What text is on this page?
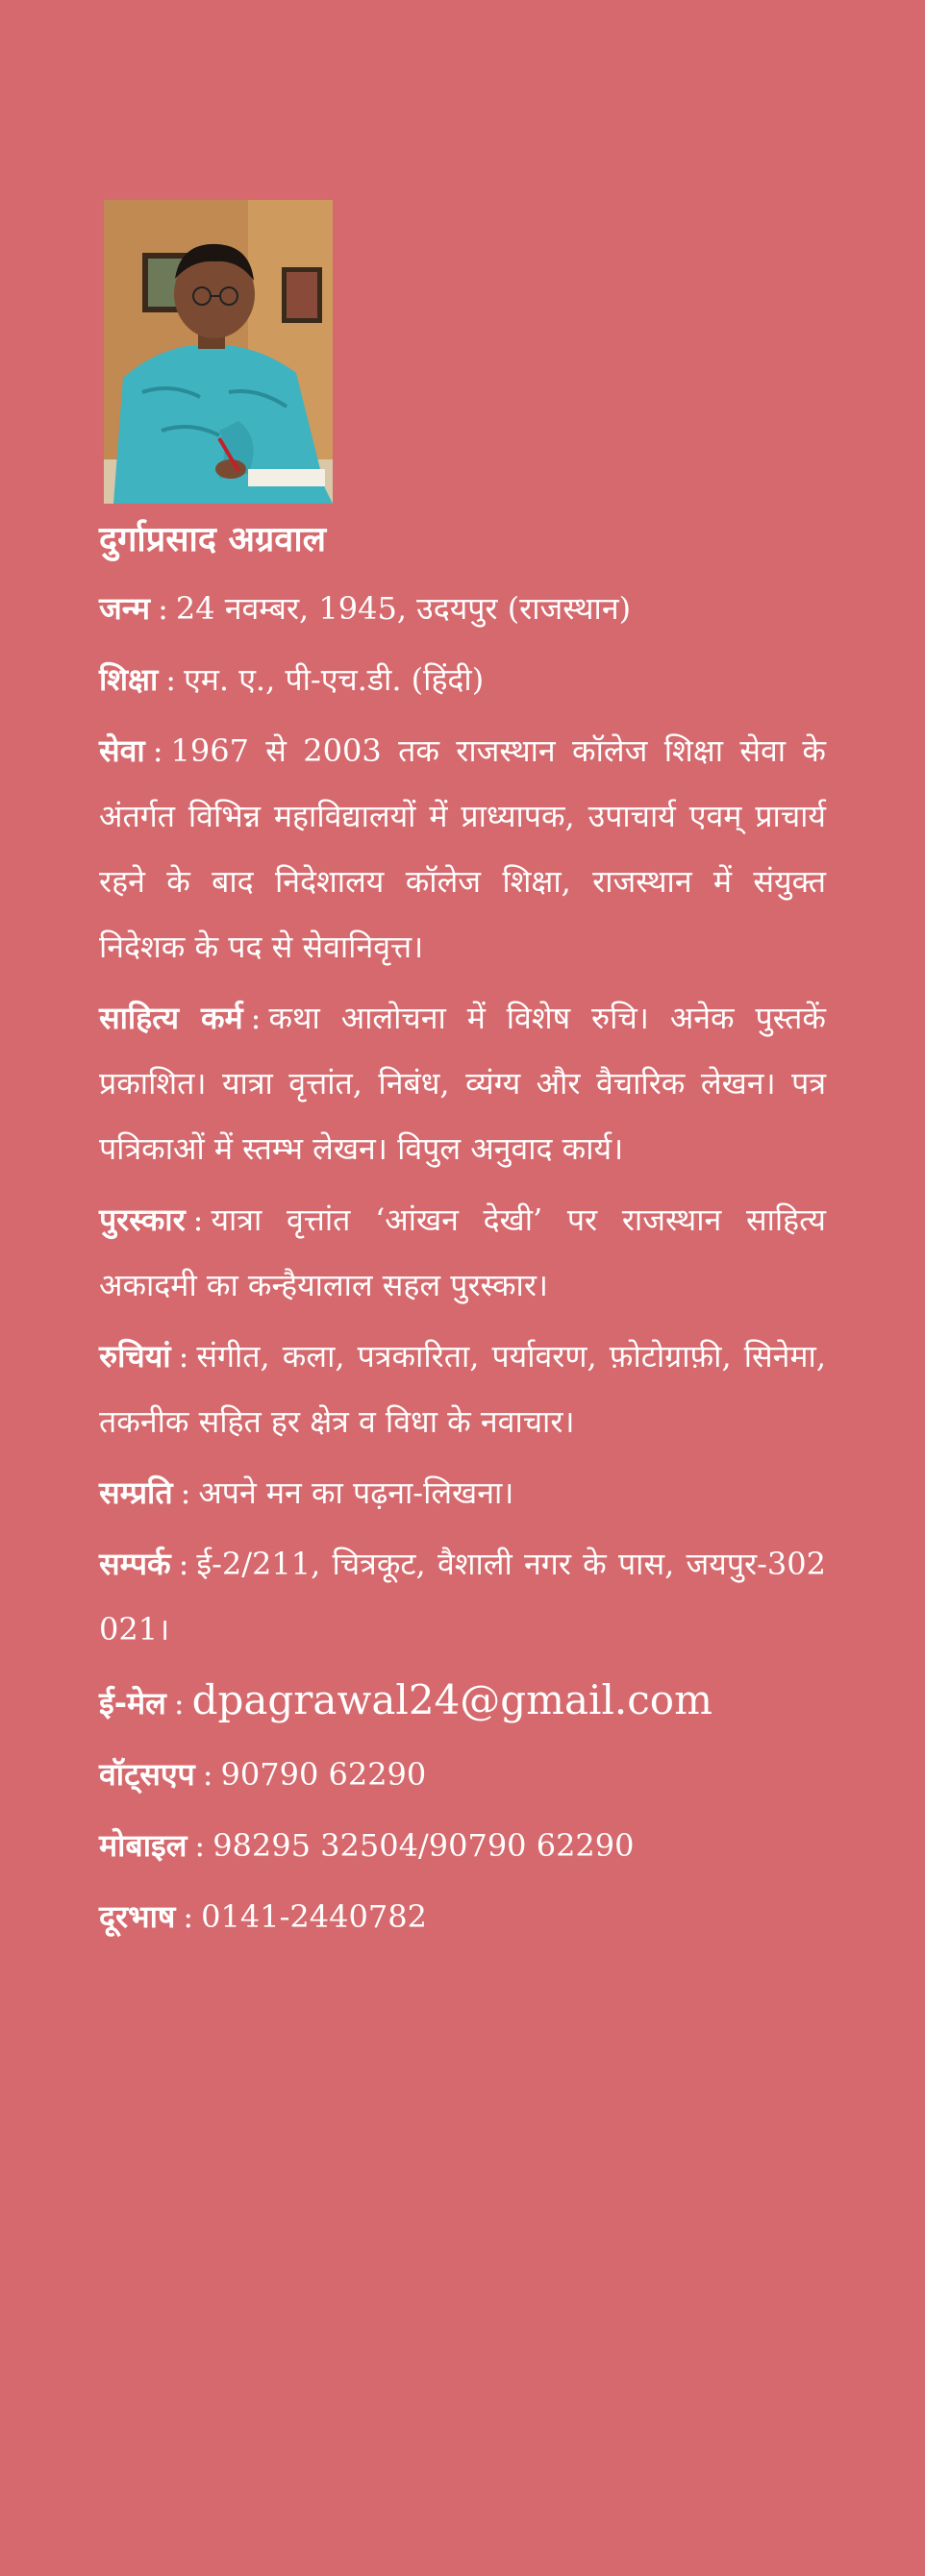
दुर्गाप्रसाद अग्रवाल

जन्म : 24 नवम्बर, 1945, उदयपुर (राजस्थान)

शिक्षा : एम. ए., पी-एच.डी. (हिंदी)

सेवा : 1967 से 2003 तक राजस्थान कॉलेज शिक्षा सेवा के अंतर्गत विभिन्न महाविद्यालयों में प्राध्यापक, उपाचार्य एवम् प्राचार्य रहने के बाद निदेशालय कॉलेज शिक्षा, राजस्थान में संयुक्त निदेशक के पद से सेवानिवृत्त।

साहित्य कर्म : कथा आलोचना में विशेष रुचि। अनेक पुस्तकें प्रकाशित। यात्रा वृत्तांत, निबंध, व्यंग्य और वैचारिक लेखन। पत्र पत्रिकाओं में स्तम्भ लेखन। विपुल अनुवाद कार्य।

पुरस्कार : यात्रा वृत्तांत ‘आंखन देखी’ पर राजस्थान साहित्य अकादमी का कन्हैयालाल सहल पुरस्कार।

रुचियां : संगीत, कला, पत्रकारिता, पर्यावरण, फ़ोटोग्राफ़ी, सिनेमा, तकनीक सहित हर क्षेत्र व विधा के नवाचार।

सम्प्रति : अपने मन का पढ़ना-लिखना।

सम्पर्क : ई-2/211, चित्रकूट, वैशाली नगर के पास, जयपुर-302 021।

ई-मेल : dpagrawal24@gmail.com

वॉट्सएप : 90790 62290

मोबाइल : 98295 32504/90790 62290

दूरभाष : 0141-2440782
